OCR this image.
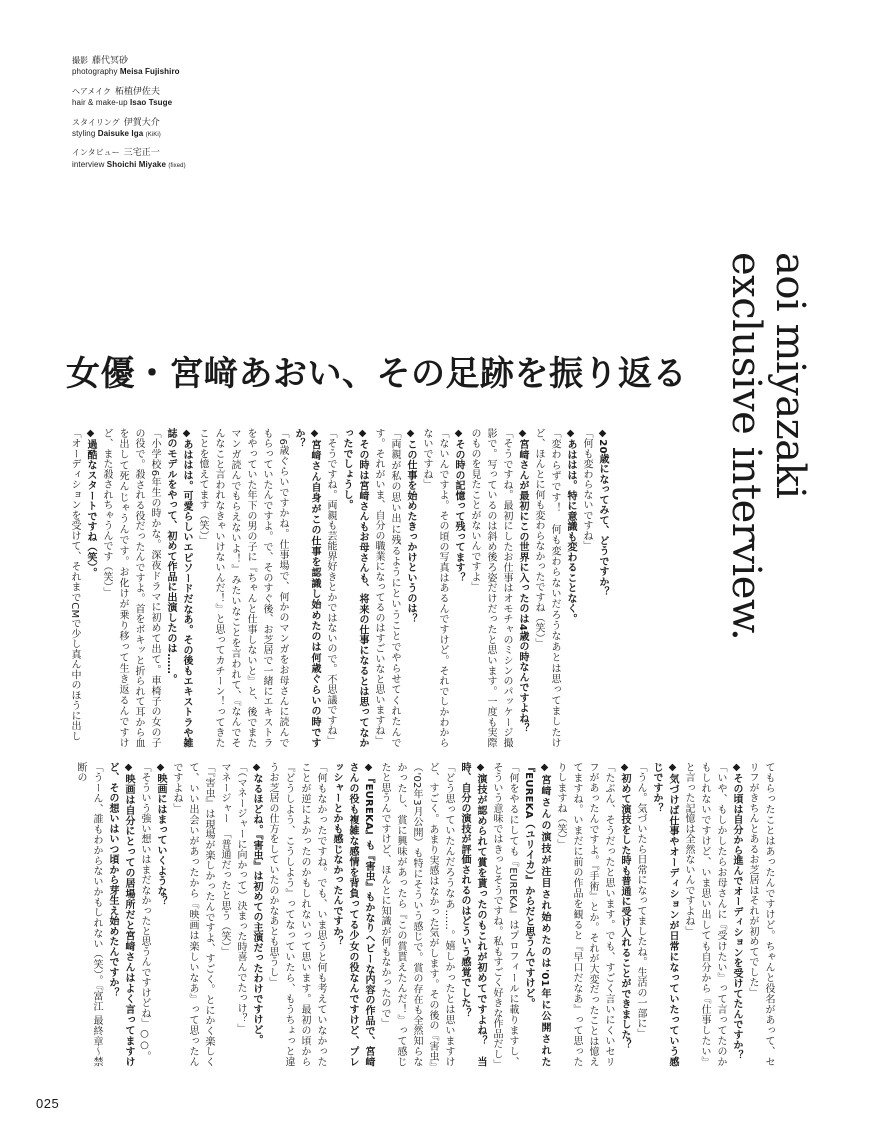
撮影 藤代冥砂
photography Meisa Fujishiro
ヘアメイク 柘植伊佐夫
hair & make-up Isao Tsuge
スタイリング 伊賀大介
styling Daisuke Iga (KiKi)
インタビュー 三宅正一
interview Shoichi Miyake (fixed)

aoi miyazaki
exclusive interview.

女優・宮﨑あおい、その足跡を振り返る
◆20歳になってみて、どうですか？
「何も変わらないですね」
◆あははは。特に意識も変わることなく。
「変わらずです！　何も変わらないだろうなあとは思ってましたけど、ほんとに何も変わらなかったですね（笑）」
◆宮﨑さんが最初にこの世界に入ったのは4歳の時なんですよね？
「そうですね。最初にしたお仕事はオモチャのミシンのパッケージ撮影で。写っているのは斜め後ろ姿だけだったと思います。一度も実際のものを見たことがないんですよ」
◆その時の記憶って残ってます？
「ないんですよ。その頃の写真はあるんですけど。それでしかわからないですね」
◆この仕事を始めたきっかけというのは？
「両親が私の思い出に残るようにということでやらせてくれたんです。それがいま、自分の職業になってるのはすごいなと思いますね」
◆その時は宮﨑さんもお母さんも、将来の仕事になるとは思ってなかったでしょうし。
「そうですね。両親も芸能界好きとかではないので。不思議ですね」
◆宮﨑さん自身がこの仕事を認識し始めたのは何歳ぐらいの時ですか？
「6歳ぐらいですかね。仕事場で、何かのマンガをお母さんに読んでもらっていたんですよ。で、そのすぐ後、お芝居で一緒にエキストラをやっていた年下の男の子に『ちゃんと仕事しないと』と、後でまたマンガ読んでもらえないよ！』みたいなことを言われて、『なんでそんなこと言われなきゃいけないんだ！』と思ってカチーン！ってきたことを憶えてます（笑）」
◆あははは。可愛らしいエピソードだなあ。その後もエキストラや雑誌のモデルをやって、初めて作品に出演したのは……。
「小学校6年生の時かな。深夜ドラマに初めて出て。車椅子の女の子の役で。殺される役だったんですよ。首をボキッと折られて耳から血を出して死んじゃうんです。お化けが乗り移って生き返るんですけど、また殺されちゃうんです（笑）」
◆過酷なスタートですね（笑）。
「オーディションを受けて、それまでCMで少し真ん中のほうに出し
てもらったことはあったんですけど。ちゃんと役名があって、セリフがきちんとあるお芝居はそれが初めてでした」
◆その頃は自分から進んでオーディションを受けてたんですか？
「いや、もしかしたらお母さんに『受けたい』って言ってたのかもしれないですけど、いま思い出しても自分から『仕事したい』と言った記憶は全然ないんですよね」
◆気づけば仕事やオーディションが日常になっていたっていう感じですか？
「うん。気づいたら日常になってましたね。生活の一部に」
◆初めて演技をした時も普通に受け入れることができました？
「たぶん、そうだったと思います。でも、すごく言いにくいセリフがあったんですよ。『手術』とか。それが大変だったことは憶えてますね。いまだに前の作品を観ると『早口だなあ』って思ったりしますね（笑）」
◆宮﨑さんの演技が注目され始めたのは'01年に公開された『EUREKA（ユリイカ）』からだと思うんですけど。
「何をやるにしても『EUREKA』はプロフィールに載りますし、そういう意味ではきっとそうですね。私もすごく好きな作品だし」
◆演技が認められて賞を貰ったのもこれが初めてですよね？　当時、自分の演技が評価されるのはどういう感覚でした？
「どう思っていたんだろうなあ……。嬉しかったとは思いますけど、すごく。あまり実感はなかった気がします。その後の『害虫』（'02年3月公開）も特にそういう感じで。賞の存在も全然知らなかったし、賞に興味があったら『この賞貰えたんだ！』って感じたと思うんですけど、ほんとに知識が何もなかったので」
◆『EUREKA』も『害虫』もかなりヘビーな内容の作品で、宮﨑さんの役も複雑な感情を背負ってる少女の役なんですけど、プレッシャーとかも感じなかったんですか？
「何もなかったですね。でも、いま思うと何も考えていなかったことが逆によかったのかもしれないって思います。最初の頃から『どうしよう、こうしよう』ってなっていたら、もうちょっと違うお芝居の仕方をしていたのかなあとも思うし」
◆なるほどね。『害虫』は初めての主演だったわけですけど。
「（マネージャーに向かって）決まった時喜んでたっけ？」
マネージャー　「普通だったと思う（笑）」
「『害虫』は現場が楽しかったんですよ、すごく。とにかく楽しくて、いい出会いがあったから『映画は楽しいなあ』って思ったんですよね」
◆映画にはまっていくような？
「そういう強い想いはまだなかったと思うんですけどね」○○。
◆映画は自分にとっての居場所だと宮﨑さんはよく言ってますけど、その想いはいつ頃から芽生え始めたんですか？
「うーん、誰もわからないかもしれない（笑）。『富江 最終章〜禁断の
025
